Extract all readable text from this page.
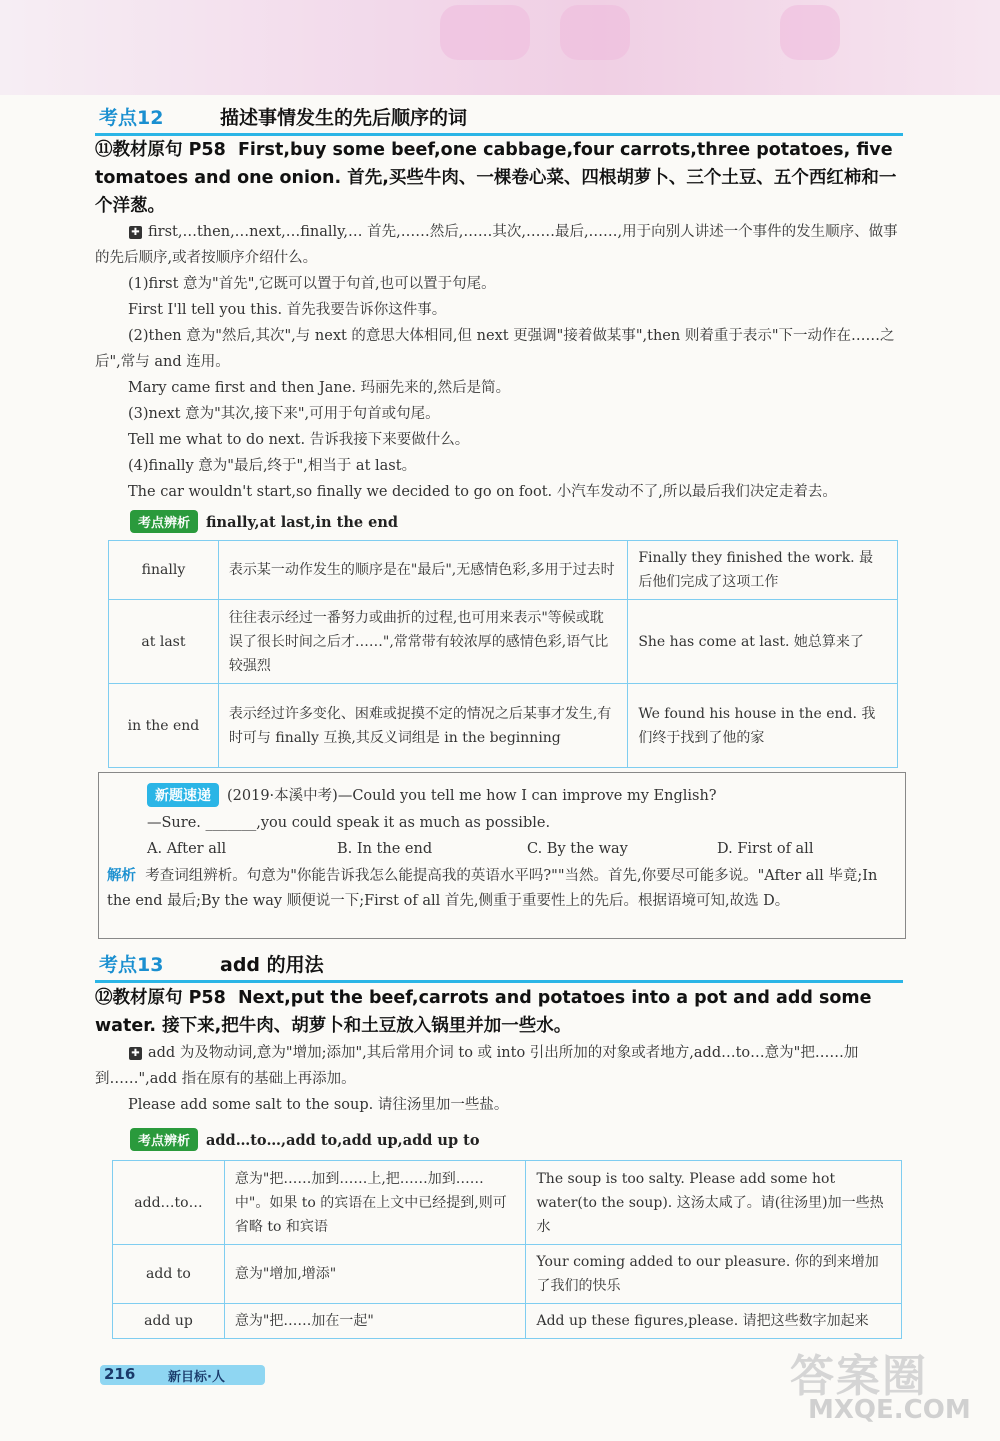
考点12	描述事情发生的先后顺序的词
⑪教材原句 P58 First,buy some beef,one cabbage,four carrots,three potatoes, five tomatoes and one onion. 首先,买些牛肉、一棵卷心菜、四根胡萝卜、三个土豆、五个西红柿和一个洋葱。

✚ first,…then,…next,…finally,… 首先,……然后,……其次,……最后,……,用于向别人讲述一个事件的发生顺序、做事的先后顺序,或者按顺序介绍什么。

(1)first 意为"首先",它既可以置于句首,也可以置于句尾。

First I'll tell you this. 首先我要告诉你这件事。

(2)then 意为"然后,其次",与 next 的意思大体相同,但 next 更强调"接着做某事",then 则着重于表示"下一动作在……之后",常与 and 连用。

Mary came first and then Jane. 玛丽先来的,然后是简。

(3)next 意为"其次,接下来",可用于句首或句尾。

Tell me what to do next. 告诉我接下来要做什么。

(4)finally 意为"最后,终于",相当于 at last。

The car wouldn't start,so finally we decided to go on foot. 小汽车发动不了,所以最后我们决定走着去。

考点辨析 finally,at last,in the end
finally	表示某一动作发生的顺序是在"最后",无感情色彩,多用于过去时	Finally they finished the work. 最后他们完成了这项工作
at last	往往表示经过一番努力或曲折的过程,也可用来表示"等候或耽误了很长时间之后才……",常常带有较浓厚的感情色彩,语气比较强烈	She has come at last. 她总算来了
in the end	表示经过许多变化、困难或捉摸不定的情况之后某事才发生,有时可与 finally 互换,其反义词组是 in the beginning	We found his house in the end. 我们终于找到了他的家
新题速递 (2019·本溪中考)—Could you tell me how I can improve my English?
—Sure. _______,you could speak it as much as possible.
A. After all	B. In the end	C. By the way	D. First of all
解析 考查词组辨析。句意为"你能告诉我怎么能提高我的英语水平吗?""当然。首先,你要尽可能多说。"After all 毕竟;In the end 最后;By the way 顺便说一下;First of all 首先,侧重于重要性上的先后。根据语境可知,故选 D。
考点13	add 的用法
⑫教材原句 P58 Next,put the beef,carrots and potatoes into a pot and add some water. 接下来,把牛肉、胡萝卜和土豆放入锅里并加一些水。

✚ add 为及物动词,意为"增加;添加",其后常用介词 to 或 into 引出所加的对象或者地方,add…to…意为"把……加到……",add 指在原有的基础上再添加。

Please add some salt to the soup. 请往汤里加一些盐。

考点辨析 add…to…,add to,add up,add up to
add…to…	意为"把……加到……上,把……加到……中"。如果 to 的宾语在上文中已经提到,则可省略 to 和宾语	The soup is too salty. Please add some hot water(to the soup). 这汤太咸了。请(往汤里)加一些热水
add to	意为"增加,增添"	Your coming added to our pleasure. 你的到来增加了我们的快乐
add up	意为"把……加在一起"	Add up these figures,please. 请把这些数字加起来
216	新目标·人	答案圈
MXQE.COM
